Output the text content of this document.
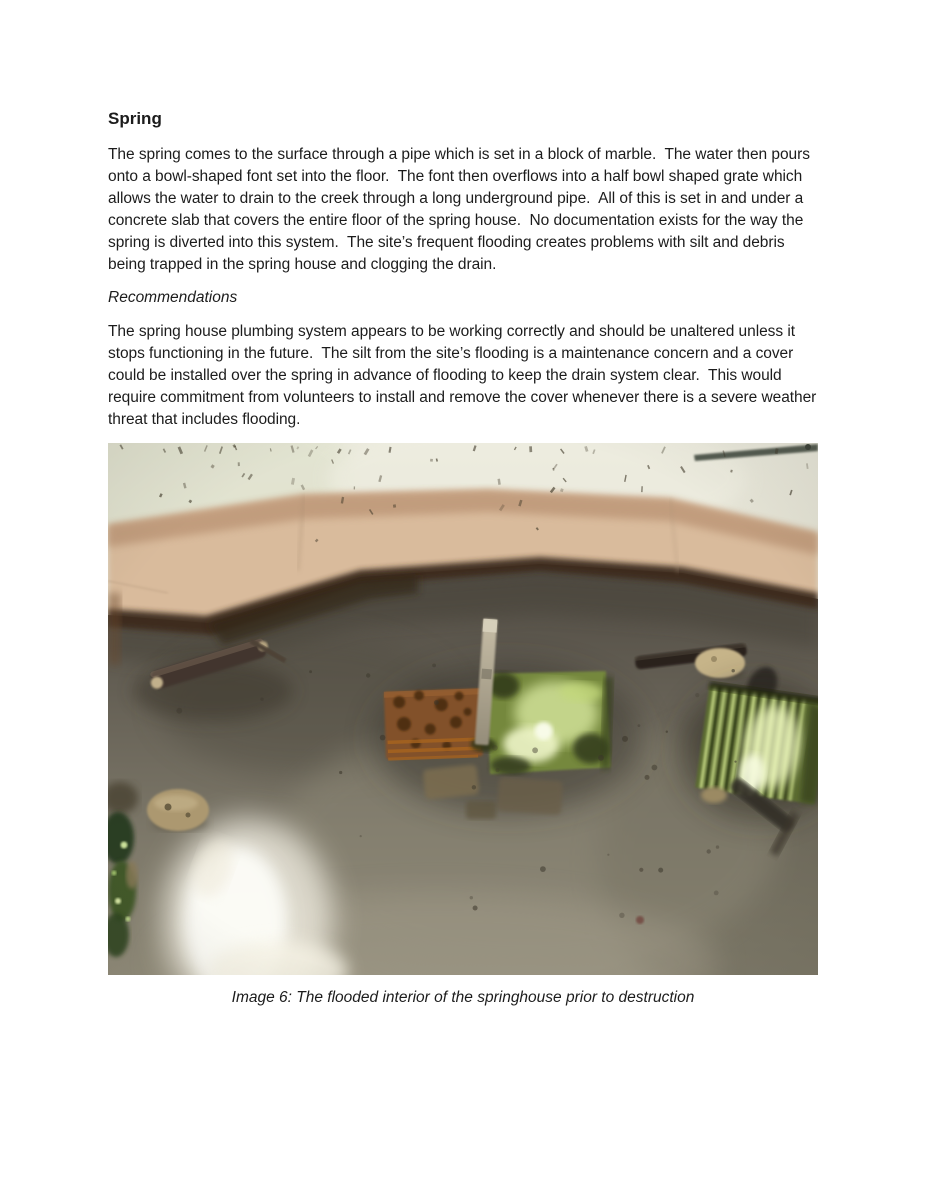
Spring

The spring comes to the surface through a pipe which is set in a block of marble.  The water then pours onto a bowl-shaped font set into the floor.  The font then overflows into a half bowl shaped grate which allows the water to drain to the creek through a long underground pipe.  All of this is set in and under a concrete slab that covers the entire floor of the spring house.  No documentation exists for the way the spring is diverted into this system.  The site’s frequent flooding creates problems with silt and debris being trapped in the spring house and clogging the drain.

Recommendations

The spring house plumbing system appears to be working correctly and should be unaltered unless it stops functioning in the future.  The silt from the site’s flooding is a maintenance concern and a cover could be installed over the spring in advance of flooding to keep the drain system clear.  This would require commitment from volunteers to install and remove the cover whenever there is a severe weather threat that includes flooding.

Image 6: The flooded interior of the springhouse prior to destruction
